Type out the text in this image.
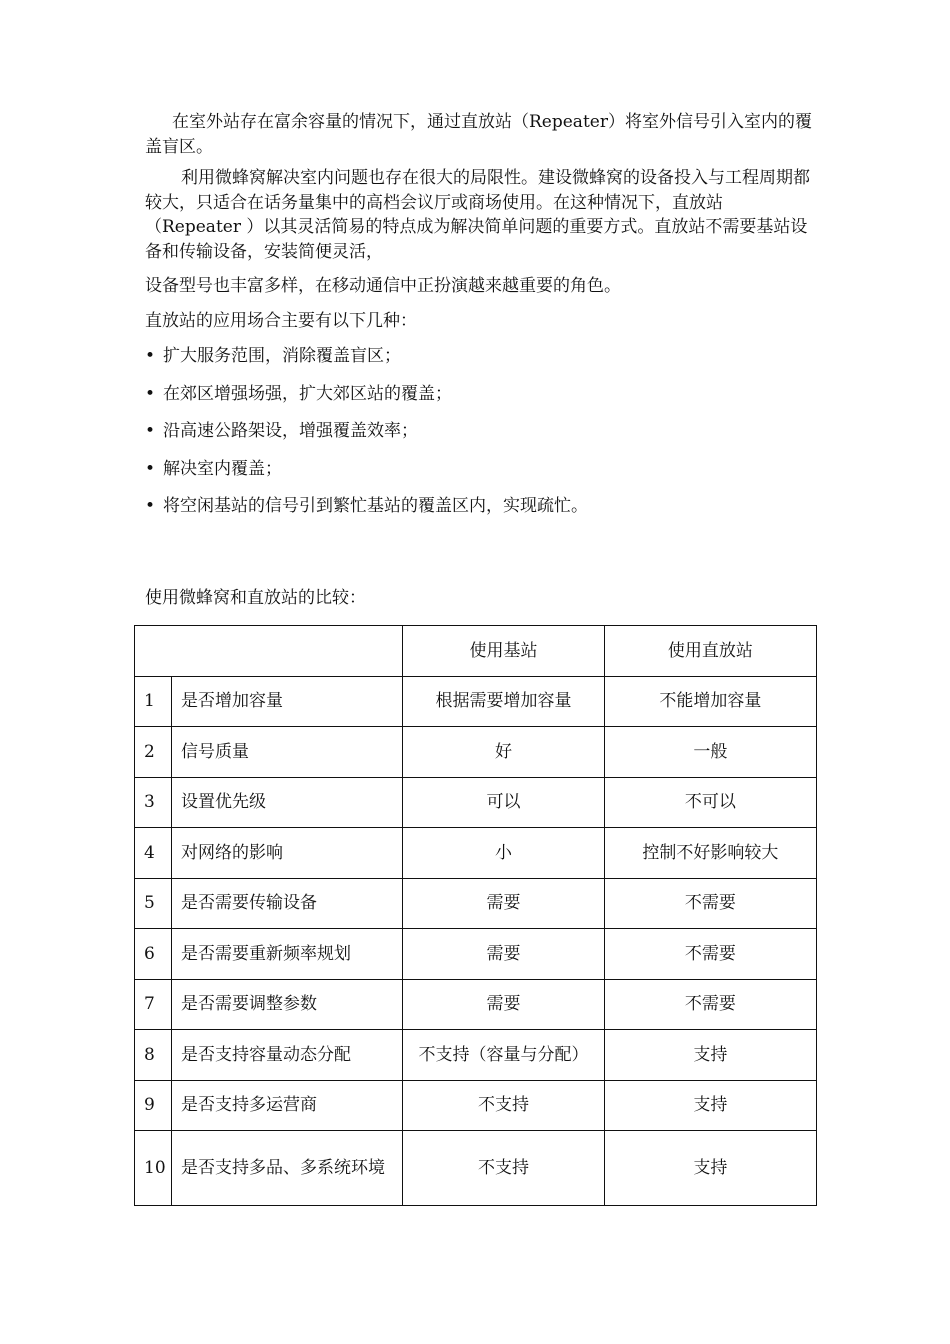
在室外站存在富余容量的情况下，通过直放站（Repeater）将室外信号引入室内的覆盖盲区。

利用微蜂窝解决室内问题也存在很大的局限性。建设微蜂窝的设备投入与工程周期都较大，只适合在话务量集中的高档会议厅或商场使用。在这种情况下，直放站（Repeater ）以其灵活简易的特点成为解决简单问题的重要方式。直放站不需要基站设备和传输设备，安装简便灵活，

设备型号也丰富多样，在移动通信中正扮演越来越重要的角色。

直放站的应用场合主要有以下几种：

• 扩大服务范围，消除覆盖盲区；
• 在郊区增强场强，扩大郊区站的覆盖；
• 沿高速公路架设，增强覆盖效率；
• 解决室内覆盖；
• 将空闲基站的信号引到繁忙基站的覆盖区内，实现疏忙。

使用微蜂窝和直放站的比较：

		使用基站	使用直放站
1	是否增加容量	根据需要增加容量	不能增加容量
2	信号质量	好	一般
3	设置优先级	可以	不可以
4	对网络的影响	小	控制不好影响较大
5	是否需要传输设备	需要	不需要
6	是否需要重新频率规划	需要	不需要
7	是否需要调整参数	需要	不需要
8	是否支持容量动态分配	不支持（容量与分配）	支持
9	是否支持多运营商	不支持	支持
10	是否支持多品、多系统环境	不支持	支持
